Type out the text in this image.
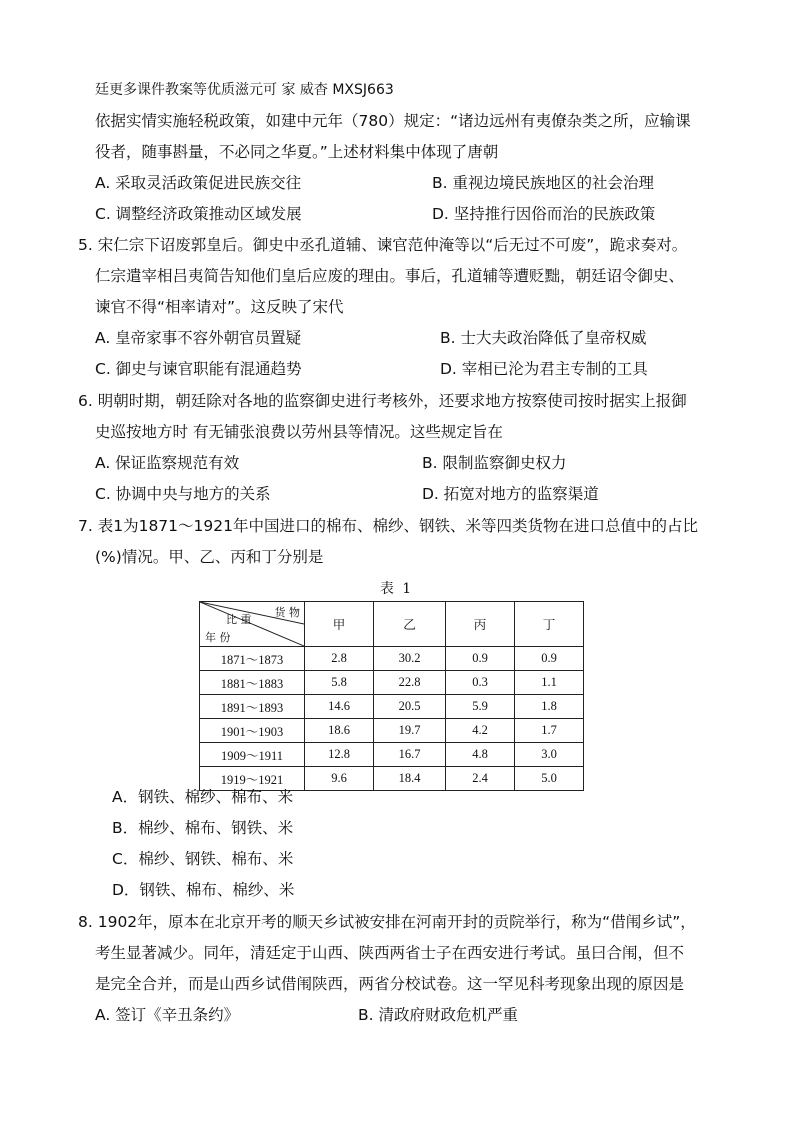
廷更多课件教案等优质滋元可 家 威杳 MXSJ663
依据实情实施轻税政策，如建中元年（780）规定：“诸边远州有夷僚杂类之所，应输课
役者，随事斟量，不必同之华夏。”上述材料集中体现了唐朝
A. 采取灵活政策促进民族交往	B. 重视边境民族地区的社会治理
C. 调整经济政策推动区域发展	D. 坚持推行因俗而治的民族政策
5. 宋仁宗下诏废郭皇后。御史中丞孔道辅、谏官范仲淹等以“后无过不可废”，跪求奏对。
仁宗遣宰相吕夷简告知他们皇后应废的理由。事后，孔道辅等遭贬黜，朝廷诏令御史、
谏官不得“相率请对”。这反映了宋代
A. 皇帝家事不容外朝官员置疑	B. 士大夫政治降低了皇帝权威
C. 御史与谏官职能有混通趋势	D. 宰相已沦为君主专制的工具
6. 明朝时期，朝廷除对各地的监察御史进行考核外，还要求地方按察使司按时据实上报御
史巡按地方时 有无铺张浪费以劳州县等情况。这些规定旨在
A. 保证监察规范有效	B. 限制监察御史权力
C. 协调中央与地方的关系	D. 拓宽对地方的监察渠道
7. 表1为1871～1921年中国进口的棉布、棉纱、钢铁、米等四类货物在进口总值中的占比
(%)情况。甲、乙、丙和丁分别是
表 1
货 物
比 重
年 份	甲	乙	丙	丁
1871～1873	2.8	30.2	0.9	0.9
1881～1883	5.8	22.8	0.3	1.1
1891～1893	14.6	20.5	5.9	1.8
1901～1903	18.6	19.7	4.2	1.7
1909～1911	12.8	16.7	4.8	3.0
1919～1921	9.6	18.4	2.4	5.0
A．钢铁、棉纱、棉布、米
B．棉纱、棉布、钢铁、米
C．棉纱、钢铁、棉布、米
D．钢铁、棉布、棉纱、米
8. 1902年，原本在北京开考的顺天乡试被安排在河南开封的贡院举行，称为“借闱乡试”，
考生显著减少。同年，清廷定于山西、陕西两省士子在西安进行考试。虽曰合闱，但不
是完全合并，而是山西乡试借闱陕西，两省分校试卷。这一罕见科考现象出现的原因是
A. 签订《辛丑条约》	B. 清政府财政危机严重
